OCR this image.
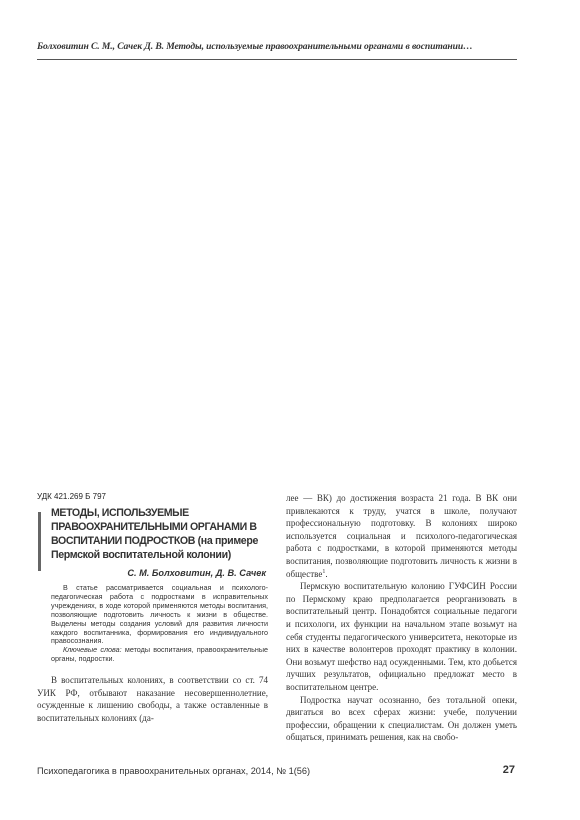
Болховитин С. М., Сачек Д. В. Методы, используемые правоохранительными органами в воспитании…
УДК 421.269 Б 797
МЕТОДЫ, ИСПОЛЬЗУЕМЫЕ ПРАВООХРАНИТЕЛЬНЫМИ ОРГАНАМИ В ВОСПИТАНИИ ПОДРОСТКОВ (на примере Пермской воспитательной колонии)
С. М. Болховитин, Д. В. Сачек

В статье рассматривается социальная и психолого-педагогическая работа с подростками в исправительных учреждениях, в ходе которой применяются методы воспитания, позволяющие подготовить личность к жизни в обществе. Выделены методы создания условий для развития личности каждого воспитанника, формирования его индивидуального правосознания.

Ключевые слова: методы воспитания, правоохранительные органы, подростки.

В воспитательных колониях, в соответствии со ст. 74 УИК РФ, отбывают наказание несовершеннолетние, осужденные к лишению свободы, а также оставленные в воспитательных колониях (да-

лее — ВК) до достижения возраста 21 года. В ВК они привлекаются к труду, учатся в школе, получают профессиональную подготовку. В колониях широко используется социальная и психолого-педагогическая работа с подростками, в которой применяются методы воспитания, позволяющие подготовить личность к жизни в обществе$^1$.

Пермскую воспитательную колонию ГУФСИН России по Пермскому краю предполагается реорганизовать в воспитательный центр. Понадобятся социальные педагоги и психологи, их функции на начальном этапе возьмут на себя студенты педагогического университета, некоторые из них в качестве волонтеров проходят практику в колонии. Они возьмут шефство над осужденными. Тем, кто добьется лучших результатов, официально предложат место в воспитательном центре.

Подростка научат осознанно, без тотальной опеки, двигаться во всех сферах жизни: учебе, получении профессии, обращении к специалистам. Он должен уметь общаться, принимать решения, как на свобо-

Психопедагогика в правоохранительных органах, 2014, № 1(56)	27
